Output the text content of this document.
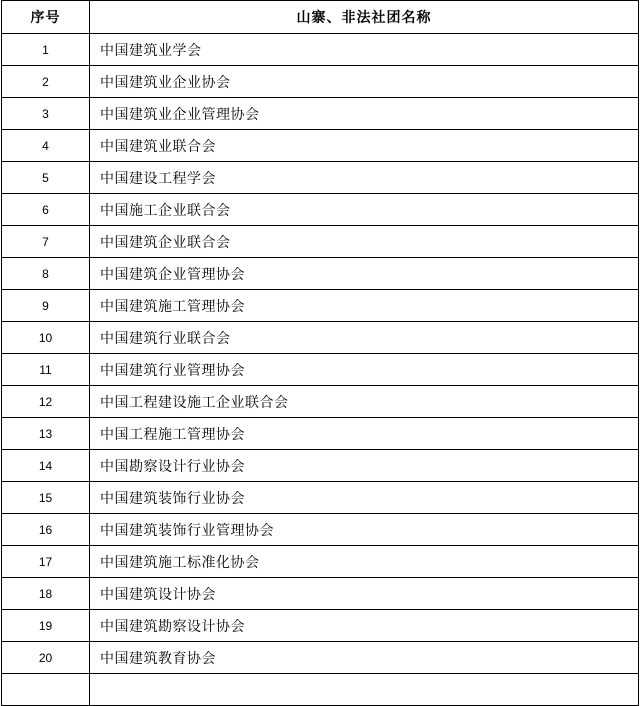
序号	山寨、非法社团名称
1	中国建筑业学会
2	中国建筑业企业协会
3	中国建筑业企业管理协会
4	中国建筑业联合会
5	中国建设工程学会
6	中国施工企业联合会
7	中国建筑企业联合会
8	中国建筑企业管理协会
9	中国建筑施工管理协会
10	中国建筑行业联合会
11	中国建筑行业管理协会
12	中国工程建设施工企业联合会
13	中国工程施工管理协会
14	中国勘察设计行业协会
15	中国建筑装饰行业协会
16	中国建筑装饰行业管理协会
17	中国建筑施工标准化协会
18	中国建筑设计协会
19	中国建筑勘察设计协会
20	中国建筑教育协会
